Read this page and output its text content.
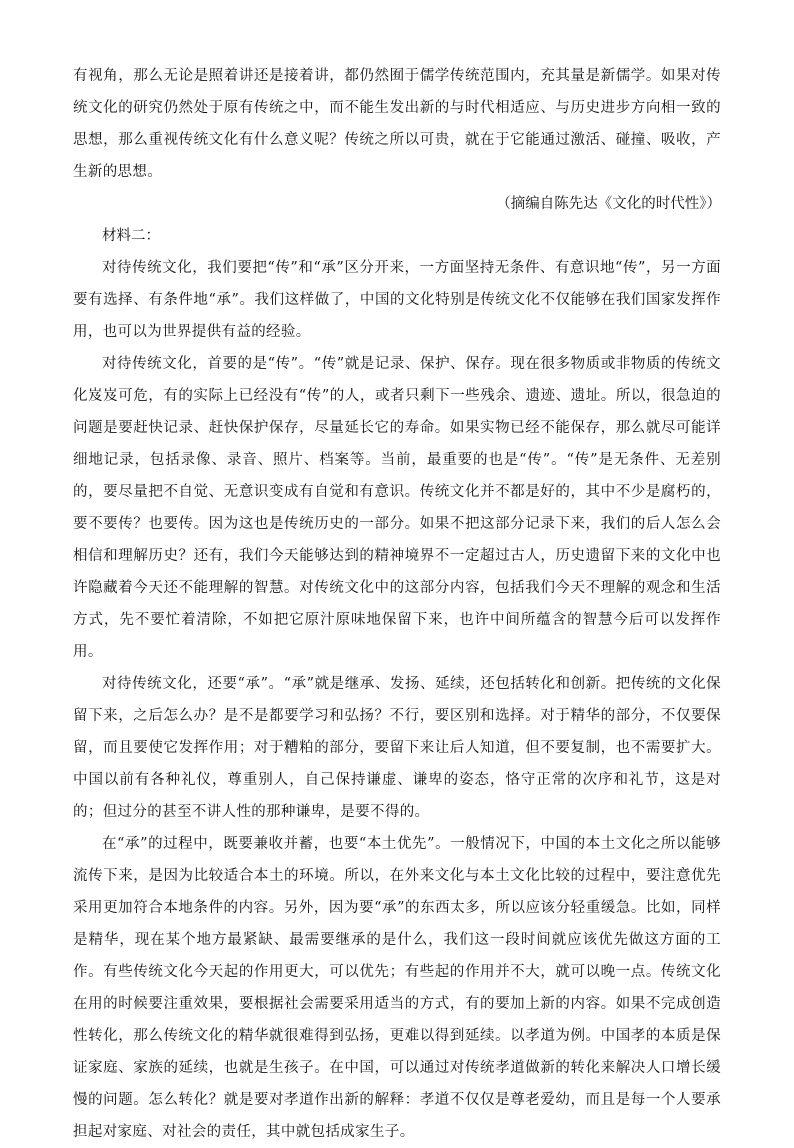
有视角，那么无论是照着讲还是接着讲，都仍然囿于儒学传统范围内，充其量是新儒学。如果对传统文化的研究仍然处于原有传统之中，而不能生发出新的与时代相适应、与历史进步方向相一致的思想，那么重视传统文化有什么意义呢？传统之所以可贵，就在于它能通过激活、碰撞、吸收，产生新的思想。

（摘编自陈先达《文化的时代性》）

材料二：

对待传统文化，我们要把“传”和“承”区分开来，一方面坚持无条件、有意识地“传”，另一方面要有选择、有条件地“承”。我们这样做了，中国的文化特别是传统文化不仅能够在我们国家发挥作用，也可以为世界提供有益的经验。

对待传统文化，首要的是“传”。“传”就是记录、保护、保存。现在很多物质或非物质的传统文化岌岌可危，有的实际上已经没有“传”的人，或者只剩下一些残余、遗迹、遗址。所以，很急迫的问题是要赶快记录、赶快保护保存，尽量延长它的寿命。如果实物已经不能保存，那么就尽可能详细地记录，包括录像、录音、照片、档案等。当前，最重要的也是“传”。“传”是无条件、无差别的，要尽量把不自觉、无意识变成有自觉和有意识。传统文化并不都是好的，其中不少是腐朽的，要不要传？也要传。因为这也是传统历史的一部分。如果不把这部分记录下来，我们的后人怎么会相信和理解历史？还有，我们今天能够达到的精神境界不一定超过古人，历史遗留下来的文化中也许隐藏着今天还不能理解的智慧。对传统文化中的这部分内容，包括我们今天不理解的观念和生活方式，先不要忙着清除，不如把它原汁原味地保留下来，也许中间所蕴含的智慧今后可以发挥作用。

对待传统文化，还要“承”。“承”就是继承、发扬、延续，还包括转化和创新。把传统的文化保留下来，之后怎么办？是不是都要学习和弘扬？不行，要区别和选择。对于精华的部分，不仅要保留，而且要使它发挥作用；对于糟粕的部分，要留下来让后人知道，但不要复制，也不需要扩大。中国以前有各种礼仪，尊重别人，自己保持谦虚、谦卑的姿态，恪守正常的次序和礼节，这是对的；但过分的甚至不讲人性的那种谦卑，是要不得的。

在“承”的过程中，既要兼收并蓄，也要“本土优先”。一般情况下，中国的本土文化之所以能够流传下来，是因为比较适合本土的环境。所以，在外来文化与本土文化比较的过程中，要注意优先采用更加符合本地条件的内容。另外，因为要“承”的东西太多，所以应该分轻重缓急。比如，同样是精华，现在某个地方最紧缺、最需要继承的是什么，我们这一段时间就应该优先做这方面的工作。有些传统文化今天起的作用更大，可以优先；有些起的作用并不大，就可以晚一点。传统文化在用的时候要注重效果，要根据社会需要采用适当的方式，有的要加上新的内容。如果不完成创造性转化，那么传统文化的精华就很难得到弘扬，更难以得到延续。以孝道为例。中国孝的本质是保证家庭、家族的延续，也就是生孩子。在中国，可以通过对传统孝道做新的转化来解决人口增长缓慢的问题。怎么转化？就是要对孝道作出新的解释：孝道不仅仅是尊老爱幼，而且是每一个人要承担起对家庭、对社会的责任，其中就包括成家生子。
